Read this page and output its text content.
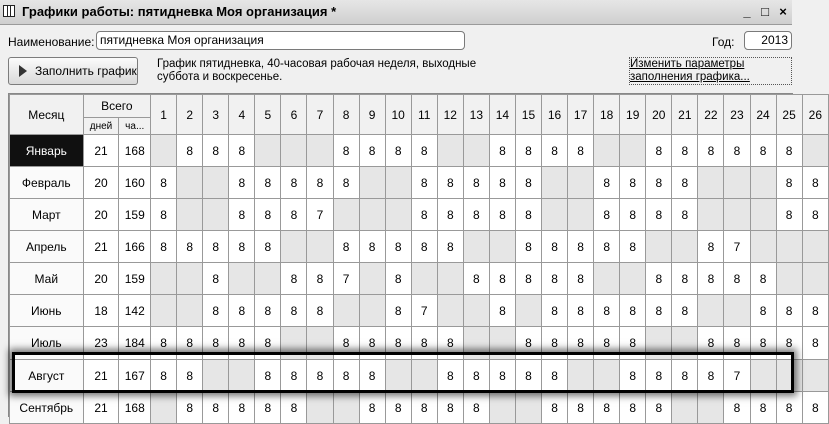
Графики работы: пятидневка Моя организация *	_ □ ×
Наименование: пятидневка Моя организация	Год:	2013
Заполнить график График пятидневка, 40-часовая рабочая неделя, выходные суббота и воскресенье.
Изменить параметры заполнения графика...
Месяц	Всего		1	2	3	4	5	6	7	8	9	10	11	12	13	14	15	16	17	18	19	20	21	22	23	24	25	26
	дней	ча...																										
Январь	21	168		8	8	8				8	8	8	8			8	8	8	8			8	8	8	8	8	8	
Февраль	20	160	8			8	8	8	8	8			8	8	8	8	8			8	8	8	8				8	8
Март	20	159	8			8	8	8	7				8	8	8	8	8			8	8	8	8				8	8
Апрель	21	166	8	8	8	8	8			8	8	8	8	8			8	8	8	8	8			8	7			
Май	20	159			8			8	8	7		8			8	8	8	8	8			8	8	8	8	8		
Июнь	18	142			8	8	8	8	8			8	7			8		8	8	8	8	8	8			8	8	8
Июль	23	184	8	8	8	8	8			8	8	8	8	8			8	8	8	8	8			8	8	8	8	8
Август	21	167	8	8			8	8	8	8	8			8	8	8	8	8			8	8	8	8	7			
Сентябрь	21	168		8	8	8	8	8			8	8	8	8	8			8	8	8	8	8			8	8	8	8
